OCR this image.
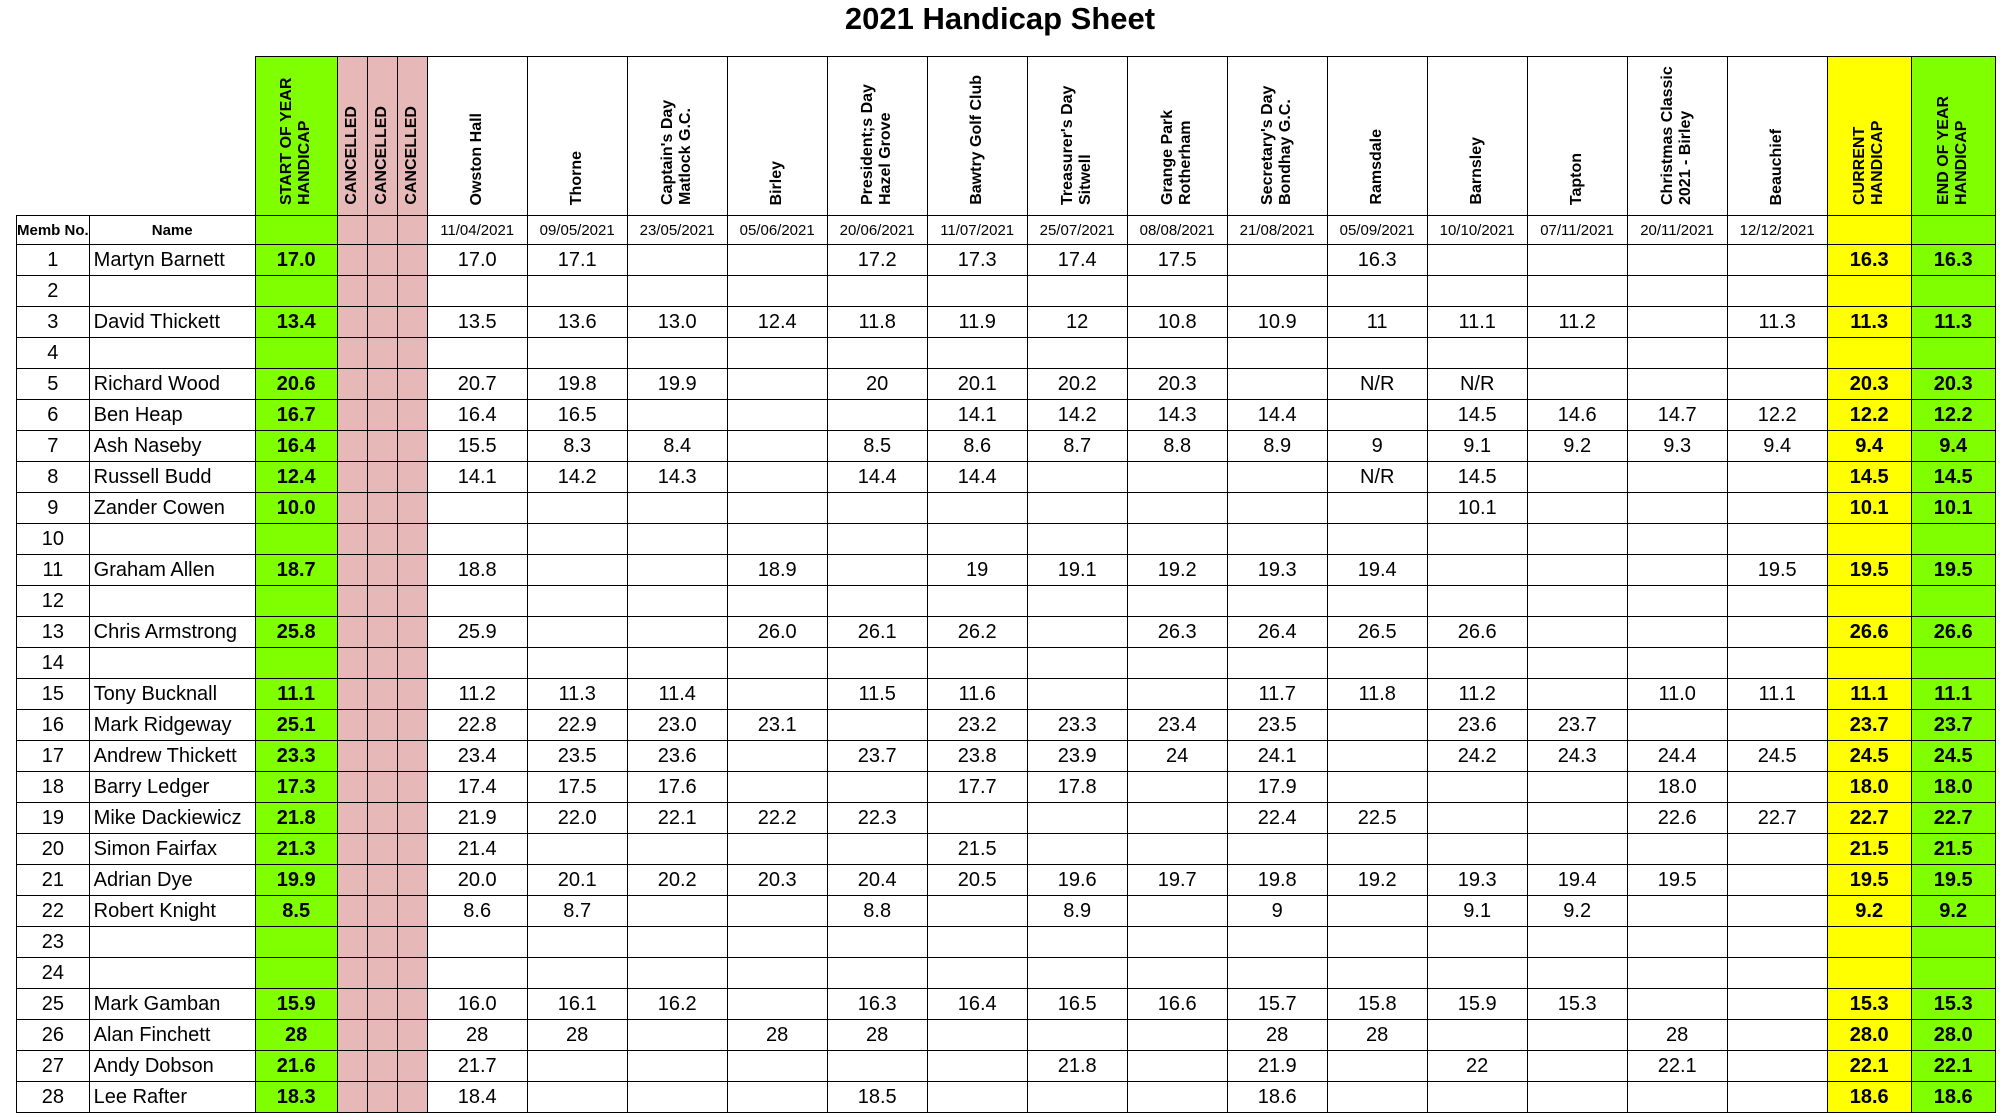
2021 Handicap Sheet
		START OF YEAR HANDICAP	CANCELLED	CANCELLED	CANCELLED	Owston Hall	Thorne	Captain's Day Matlock G.C.	Birley	President;s Day Hazel Grove	Bawtry Golf Club	Treasurer's Day Sitwell	Grange Park Rotherham	Secretary's Day Bondhay G.C.	Ramsdale	Barnsley	Tapton	Christmas Classic 2021 - Birley	Beauchief	CURRENT HANDICAP	END OF YEAR HANDICAP
Memb No.	Name					11/04/2021	09/05/2021	23/05/2021	05/06/2021	20/06/2021	11/07/2021	25/07/2021	08/08/2021	21/08/2021	05/09/2021	10/10/2021	07/11/2021	20/11/2021	12/12/2021		
1	Martyn Barnett	17.0				17.0	17.1			17.2	17.3	17.4	17.5		16.3					16.3	16.3
2																					
3	David Thickett	13.4				13.5	13.6	13.0	12.4	11.8	11.9	12	10.8	10.9	11	11.1	11.2		11.3	11.3	11.3
4																					
5	Richard Wood	20.6				20.7	19.8	19.9		20	20.1	20.2	20.3		N/R	N/R				20.3	20.3
6	Ben Heap	16.7				16.4	16.5				14.1	14.2	14.3	14.4		14.5	14.6	14.7	12.2	12.2	12.2
7	Ash Naseby	16.4				15.5	8.3	8.4		8.5	8.6	8.7	8.8	8.9	9	9.1	9.2	9.3	9.4	9.4	9.4
8	Russell Budd	12.4				14.1	14.2	14.3		14.4	14.4				N/R	14.5				14.5	14.5
9	Zander Cowen	10.0														10.1				10.1	10.1
10																					
11	Graham Allen	18.7				18.8			18.9		19	19.1	19.2	19.3	19.4				19.5	19.5	19.5
12																					
13	Chris Armstrong	25.8				25.9			26.0	26.1	26.2		26.3	26.4	26.5	26.6				26.6	26.6
14																					
15	Tony Bucknall	11.1				11.2	11.3	11.4		11.5	11.6			11.7	11.8	11.2		11.0	11.1	11.1	11.1
16	Mark Ridgeway	25.1				22.8	22.9	23.0	23.1		23.2	23.3	23.4	23.5		23.6	23.7			23.7	23.7
17	Andrew Thickett	23.3				23.4	23.5	23.6		23.7	23.8	23.9	24	24.1		24.2	24.3	24.4	24.5	24.5	24.5
18	Barry Ledger	17.3				17.4	17.5	17.6			17.7	17.8		17.9				18.0		18.0	18.0
19	Mike Dackiewicz	21.8				21.9	22.0	22.1	22.2	22.3				22.4	22.5			22.6	22.7	22.7	22.7
20	Simon Fairfax	21.3				21.4					21.5									21.5	21.5
21	Adrian Dye	19.9				20.0	20.1	20.2	20.3	20.4	20.5	19.6	19.7	19.8	19.2	19.3	19.4	19.5		19.5	19.5
22	Robert Knight	8.5				8.6	8.7			8.8		8.9		9		9.1	9.2			9.2	9.2
23																					
24																					
25	Mark Gamban	15.9				16.0	16.1	16.2		16.3	16.4	16.5	16.6	15.7	15.8	15.9	15.3			15.3	15.3
26	Alan Finchett	28				28	28		28	28				28	28			28		28.0	28.0
27	Andy Dobson	21.6				21.7						21.8		21.9		22		22.1		22.1	22.1
28	Lee Rafter	18.3				18.4				18.5				18.6						18.6	18.6
